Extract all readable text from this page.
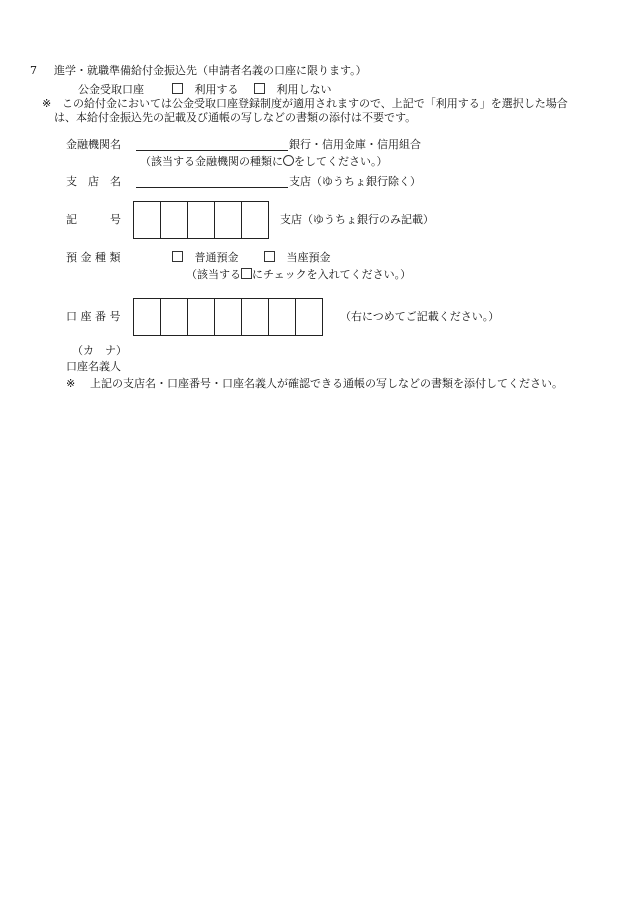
7 進学・就職準備給付金振込先（申請者名義の口座に限ります。）
公金受取口座	利用する	利用しない
※ この給付金においては公金受取口座登録制度が適用されますので、上記で「利用する」を選択した場合
は、本給付金振込先の記載及び通帳の写しなどの書類の添付は不要です。
金融機関名	銀行・信用金庫・信用組合
（該当する金融機関の種類に をしてください。）
支　店　名	支店（ゆうちょ銀行除く）
記　　　号	支店（ゆうちょ銀行のみ記載）
預 金 種 類	普通預金	当座預金
（該当する にチェックを入れてください。）
口 座 番 号	（右につめてご記載ください。）
（カ　ナ）
口座名義人
※ 上記の支店名・口座番号・口座名義人が確認できる通帳の写しなどの書類を添付してください。
